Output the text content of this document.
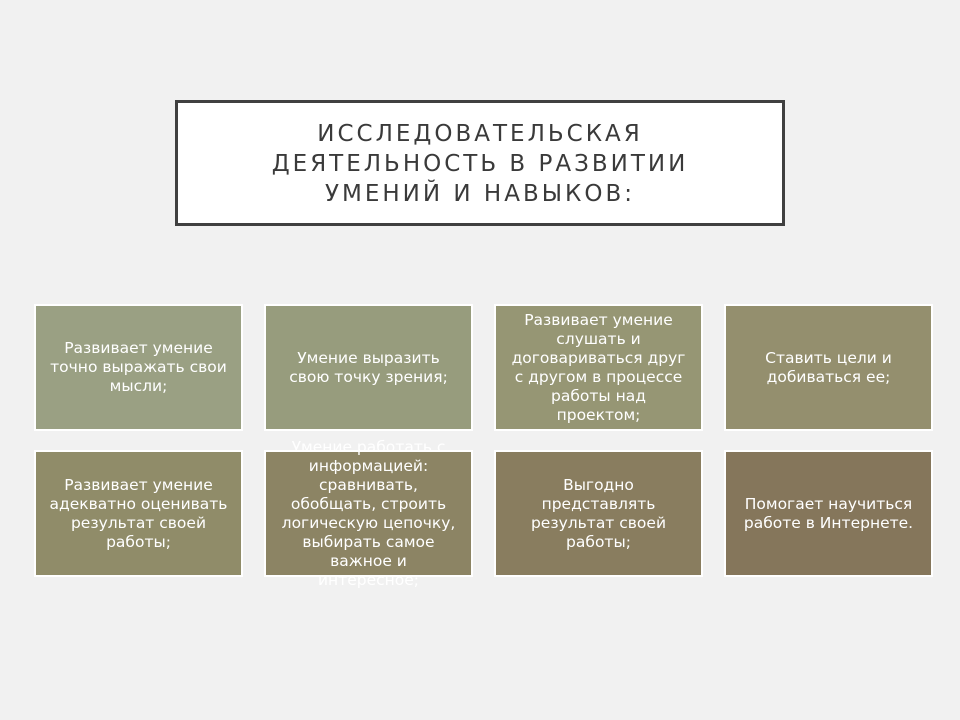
ИССЛЕДОВАТЕЛЬСКАЯ
ДЕЯТЕЛЬНОСТЬ В РАЗВИТИИ
УМЕНИЙ И НАВЫКОВ:
Развивает умение
точно выражать свои
мысли;
Умение выразить
свою точку зрения;
Развивает умение
слушать и
договариваться друг
с другом в процессе
работы над
проектом;
Ставить цели и
добиваться ее;
Развивает умение
адекватно оценивать
результат своей
работы;
Умение работать с
информацией:
сравнивать,
обобщать, строить
логическую цепочку,
выбирать самое
важное и
интересное;
Выгодно
представлять
результат своей
работы;
Помогает научиться
работе в Интернете.
